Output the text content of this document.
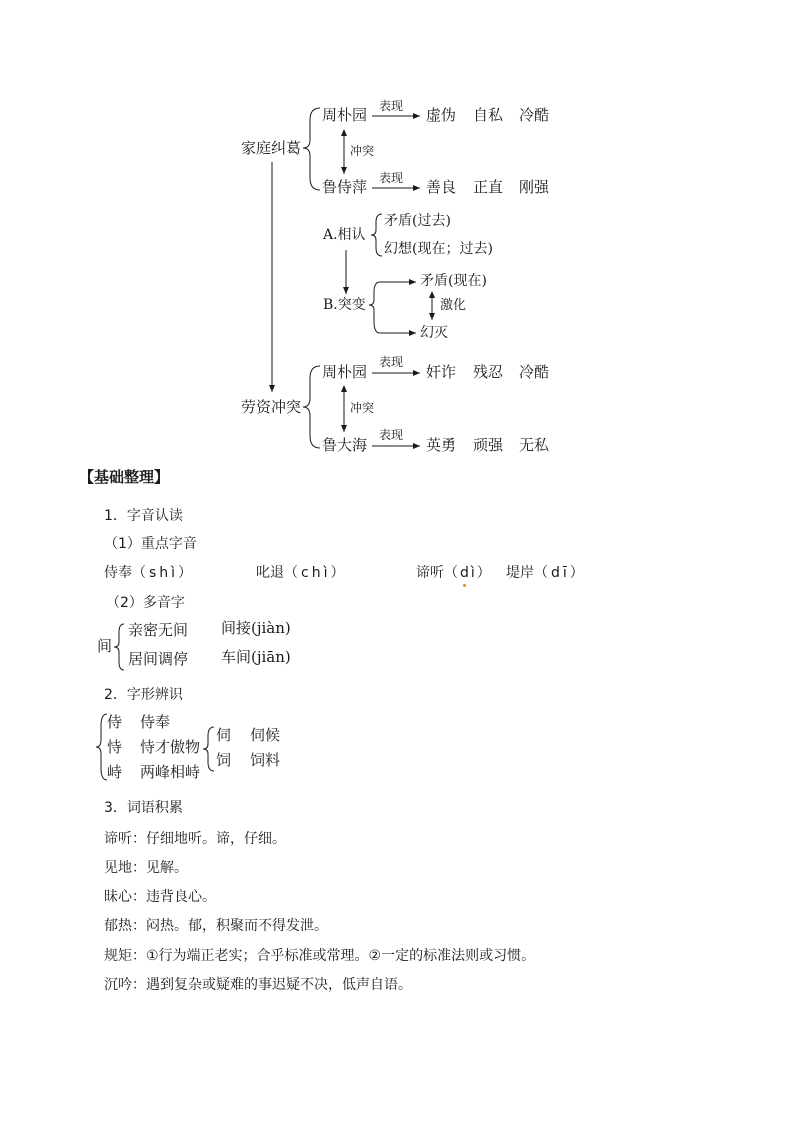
家庭纠葛
周朴园 表现 虚伪 自私 冷酷
冲突
鲁侍萍 表现 善良 正直 刚强
A.相认
矛盾(过去)
幻想(现在；过去)
B.突变
矛盾(现在)
激化
幻灭
劳资冲突
周朴园
表现
奸诈 残忍 冷酷
冲突
鲁大海
表现
英勇 顽强 无私
【基础整理】
1．字音认读
（1）重点字音
侍奉（shì）	叱退（chì）	谛听（dì） 堤岸（dī）
（2）多音字
间
亲密无间 间接(jiàn)
居间调停 车间(jiān)
2．字形辨识
侍 侍奉
恃 恃才傲物
峙 两峰相峙
伺 伺候
饲 饲料
3．词语积累
谛听：仔细地听。谛，仔细。
见地：见解。
昧心：违背良心。
郁热：闷热。郁，积聚而不得发泄。
规矩：①行为端正老实；合乎标准或常理。②一定的标准法则或习惯。
沉吟：遇到复杂或疑难的事迟疑不决，低声自语。
